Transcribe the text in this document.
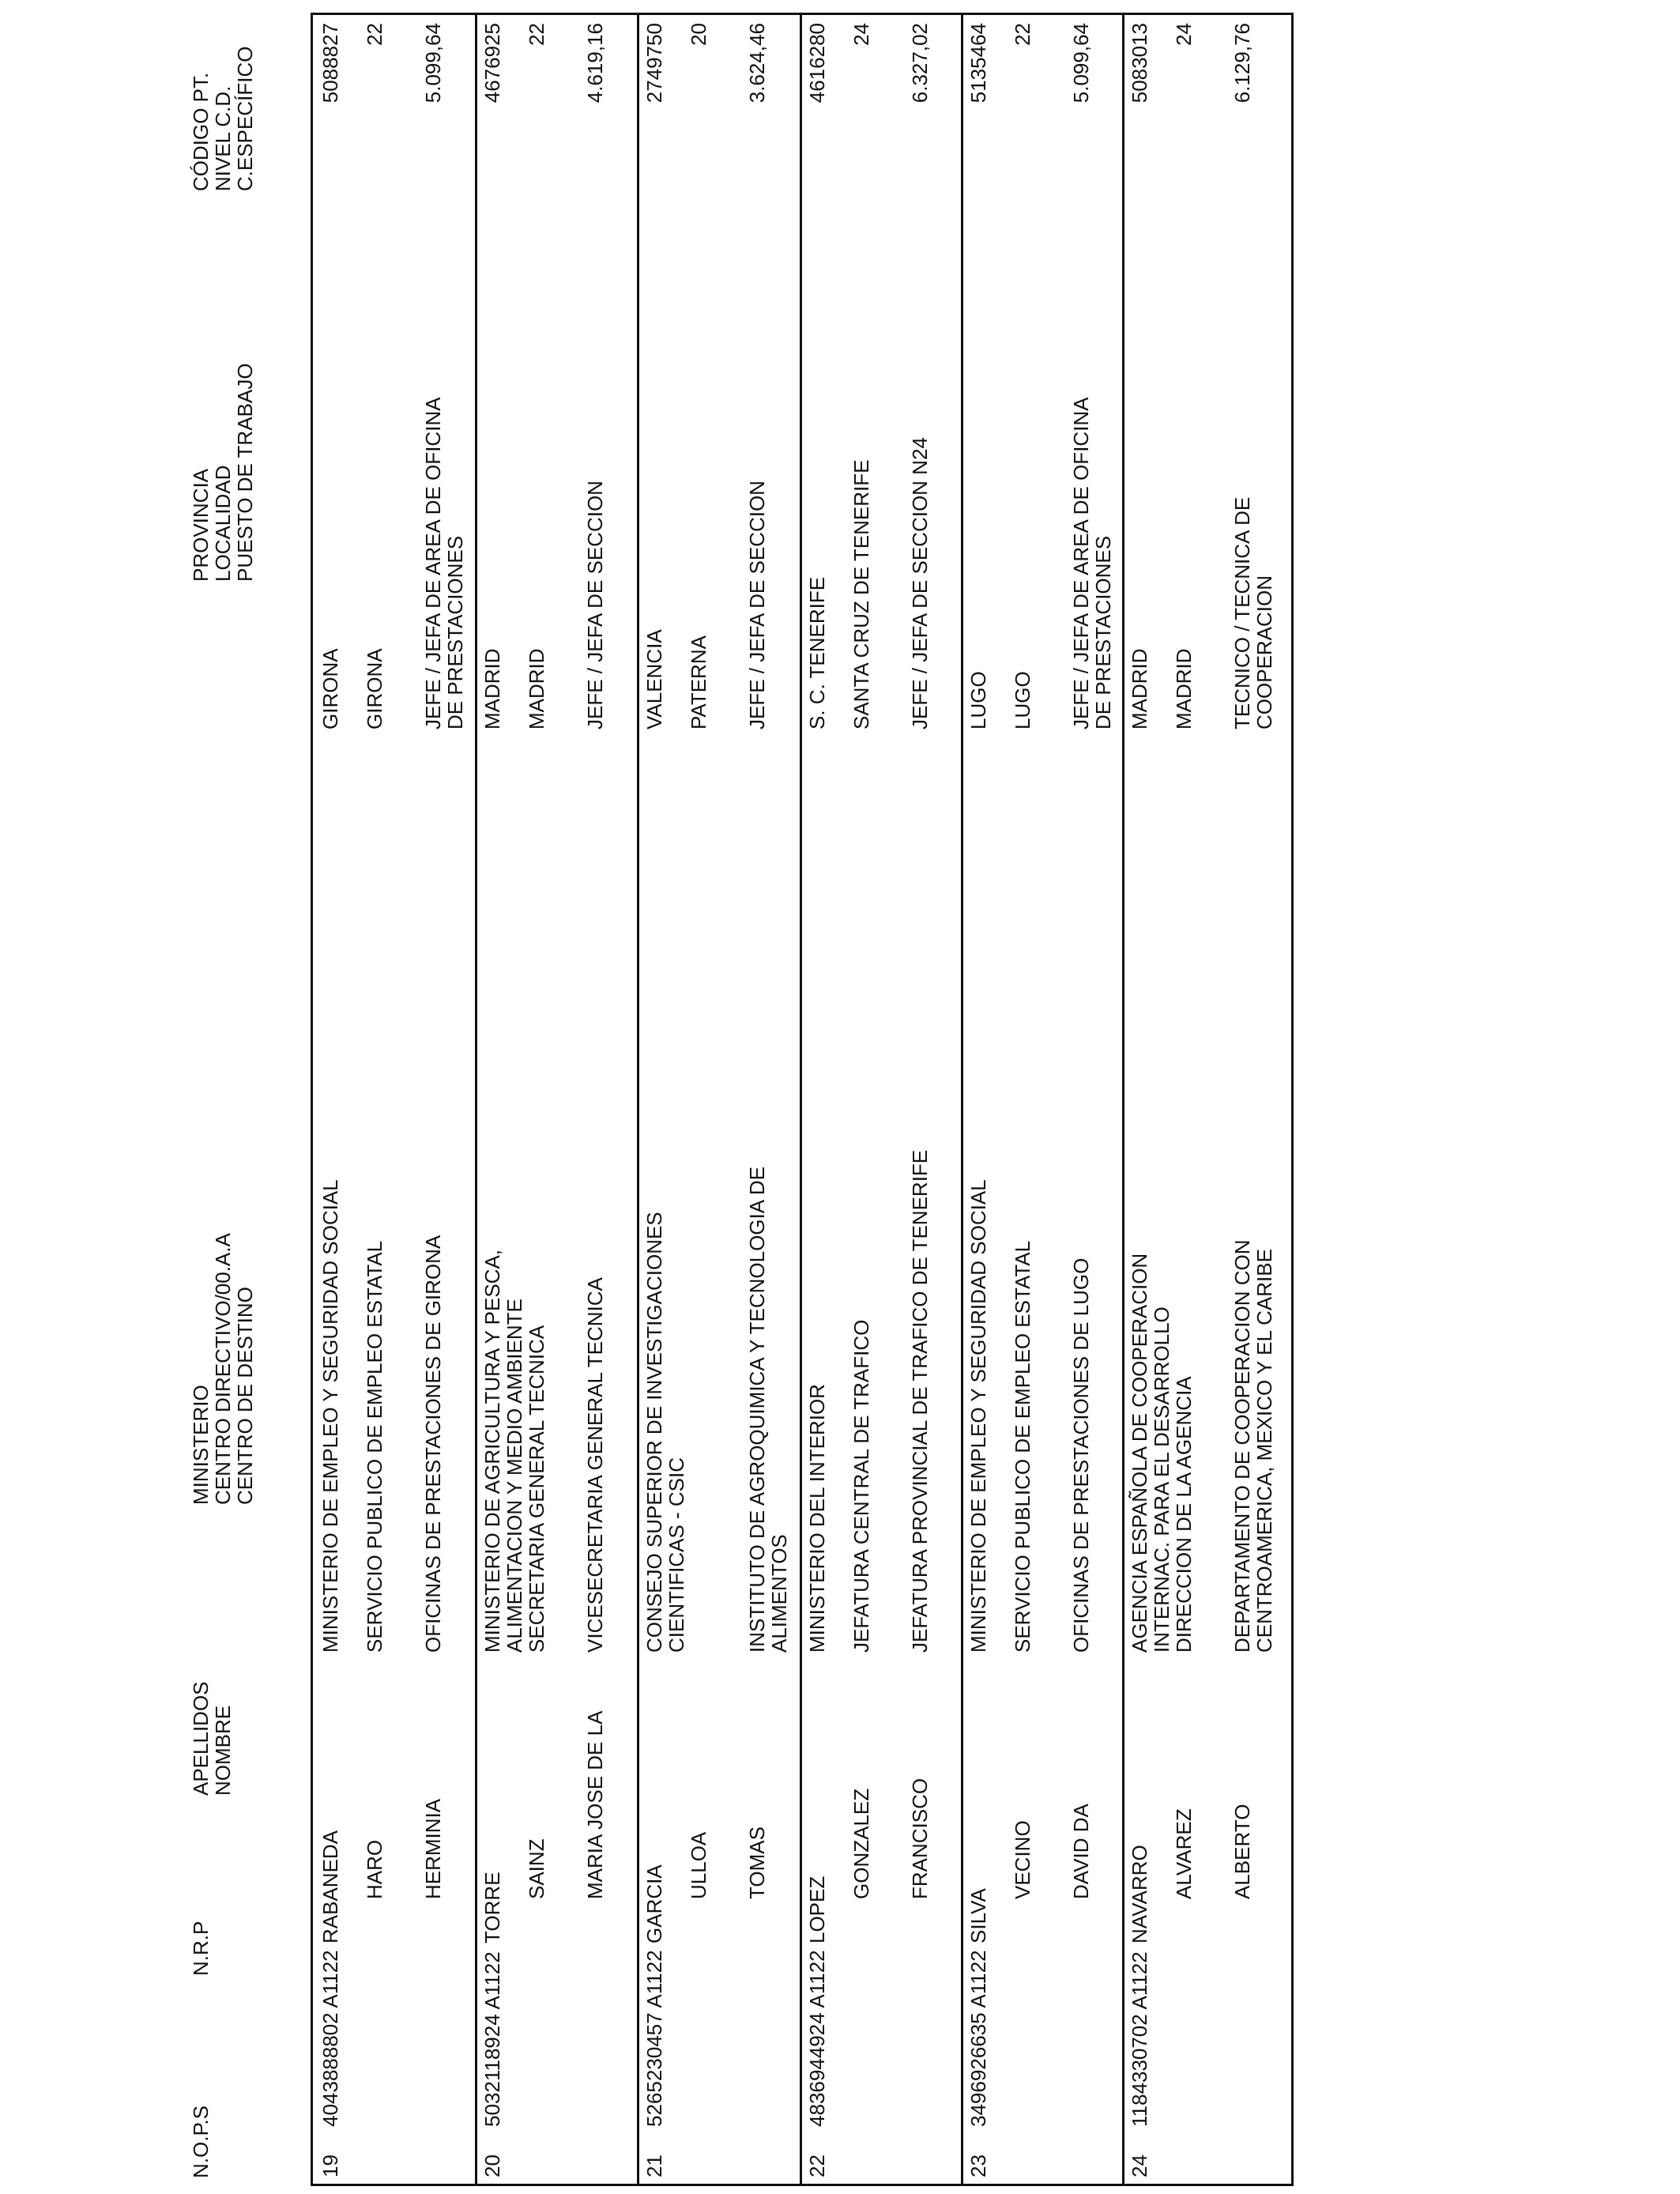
N.O.P.S
N.R.P
APELLIDOS
NOMBRE
MINISTERIO
CENTRO DIRECTIVO/00.A.A
CENTRO DE DESTINO
PROVINCIA
LOCALIDAD
PUESTO DE TRABAJO
CÓDIGO PT.
NIVEL C.D.
C.ESPECÍFICO
19
4043888802 A1122
RABANEDA
MINISTERIO DE EMPLEO Y SEGURIDAD SOCIAL
GIRONA
5088827
HARO
SERVICIO PUBLICO DE EMPLEO ESTATAL
GIRONA
22
HERMINIA
OFICINAS DE PRESTACIONES DE GIRONA
JEFE / JEFA DE AREA DE OFICINA DE PRESTACIONES
5.099,64
20
5032118924 A1122
TORRE
MINISTERIO DE AGRICULTURA Y PESCA, ALIMENTACION Y MEDIO AMBIENTE
MADRID
4676925
SAINZ
SECRETARIA GENERAL TECNICA
MADRID
22
MARIA JOSE DE LA
VICESECRETARIA GENERAL TECNICA
JEFE / JEFA DE SECCION
4.619,16
21
5265230457 A1122
GARCIA
CONSEJO SUPERIOR DE INVESTIGACIONES CIENTIFICAS - CSIC
VALENCIA
2749750
ULLOA
PATERNA
20
TOMAS
INSTITUTO DE AGROQUIMICA Y TECNOLOGIA DE ALIMENTOS
JEFE / JEFA DE SECCION
3.624,46
22
4836944924 A1122
LOPEZ
MINISTERIO DEL INTERIOR
S. C. TENERIFE
4616280
GONZALEZ
JEFATURA CENTRAL DE TRAFICO
SANTA CRUZ DE TENERIFE
24
FRANCISCO
JEFATURA PROVINCIAL DE TRAFICO DE TENERIFE
JEFE / JEFA DE SECCION N24
6.327,02
23
3496926635 A1122
SILVA
MINISTERIO DE EMPLEO Y SEGURIDAD SOCIAL
LUGO
5135464
VECINO
SERVICIO PUBLICO DE EMPLEO ESTATAL
LUGO
22
DAVID DA
OFICINAS DE PRESTACIONES DE LUGO
JEFE / JEFA DE AREA DE OFICINA DE PRESTACIONES
5.099,64
24
1184330702 A1122
NAVARRO
AGENCIA ESPAÑOLA DE COOPERACION INTERNAC. PARA EL DESARROLLO
MADRID
5083013
ALVAREZ
DIRECCION DE LA AGENCIA
MADRID
24
ALBERTO
DEPARTAMENTO DE COOPERACION CON CENTROAMERICA, MEXICO Y EL CARIBE
TECNICO / TECNICA DE COOPERACION
6.129,76
